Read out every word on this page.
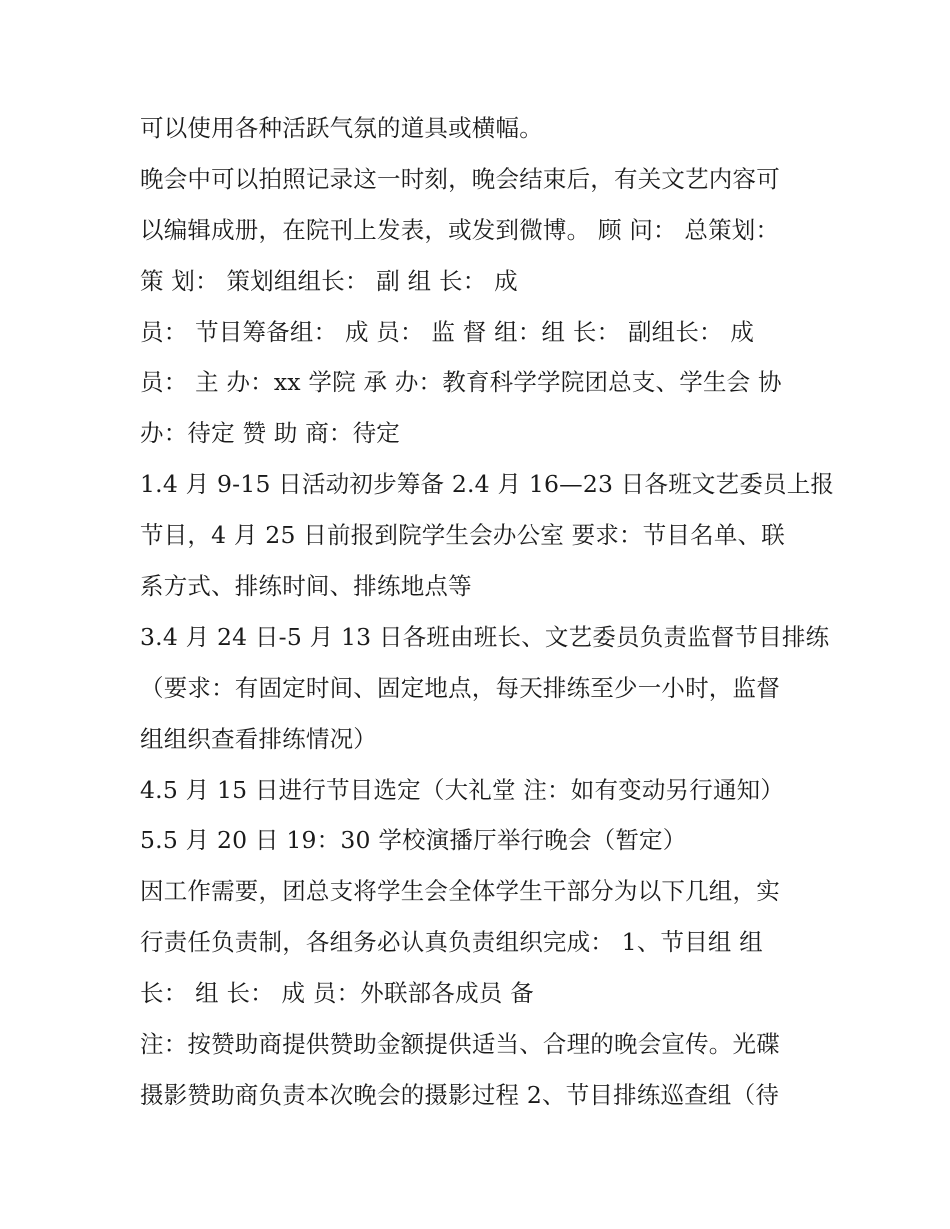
可以使用各种活跃气氛的道具或横幅。
晚会中可以拍照记录这一时刻，晚会结束后，有关文艺内容可
以编辑成册，在院刊上发表，或发到微博。 顾 问： 总策划：
策 划： 策划组组长： 副 组 长： 成
员： 节目筹备组： 成 员： 监 督 组：组 长： 副组长： 成
员： 主 办：xx 学院 承 办：教育科学学院团总支、学生会 协
办：待定 赞 助 商：待定
1.4 月 9-15 日活动初步筹备 2.4 月 16—23 日各班文艺委员上报
节目，4 月 25 日前报到院学生会办公室 要求：节目名单、联
系方式、排练时间、排练地点等
3.4 月 24 日-5 月 13 日各班由班长、文艺委员负责监督节目排练
（要求：有固定时间、固定地点，每天排练至少一小时，监督
组组织查看排练情况）
4.5 月 15 日进行节目选定（大礼堂 注：如有变动另行通知）
5.5 月 20 日 19：30 学校演播厅举行晚会（暂定）
因工作需要，团总支将学生会全体学生干部分为以下几组，实
行责任负责制，各组务必认真负责组织完成： 1、节目组 组
长： 组 长： 成 员：外联部各成员 备
注：按赞助商提供赞助金额提供适当、合理的晚会宣传。光碟
摄影赞助商负责本次晚会的摄影过程 2、节目排练巡查组（待
